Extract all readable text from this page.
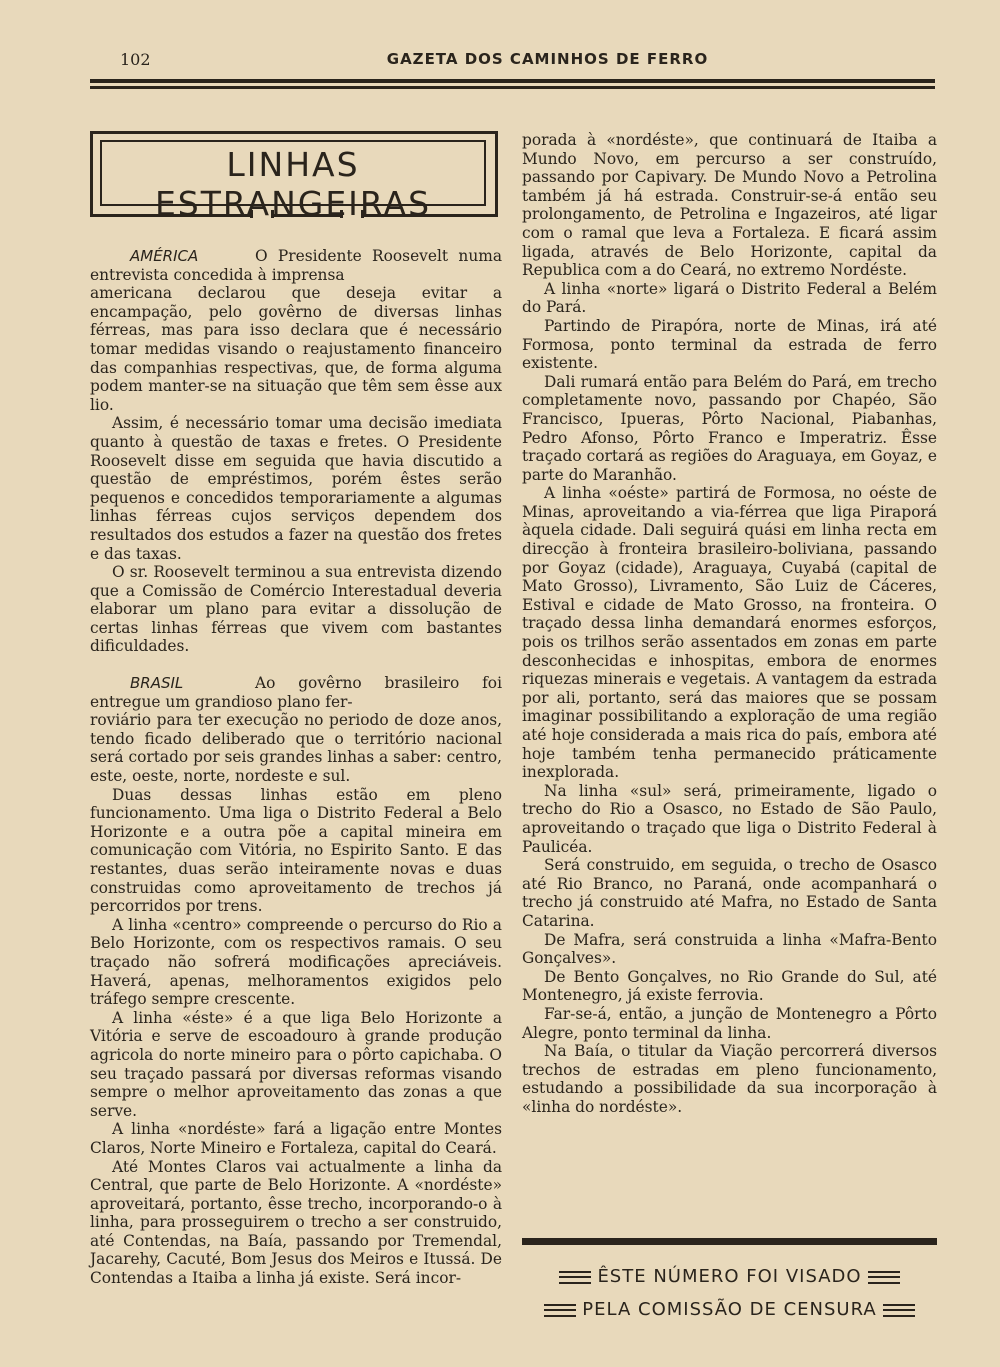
102	GAZETA DOS CAMINHOS DE FERRO
LINHAS ESTRANGEIRAS

AMÉRICA	O Presidente Roosevelt numa entrevista concedida à imprensa

americana declarou que deseja evitar a encampação, pelo govêrno de diversas linhas férreas, mas para isso declara que é necessário tomar medidas visando o reajustamento financeiro das companhias respectivas, que, de forma alguma podem manter-se na situação que têm sem êsse aux lio.

Assim, é necessário tomar uma decisão imediata quanto à questão de taxas e fretes. O Presidente Roosevelt disse em seguida que havia discutido a questão de empréstimos, porém êstes serão pequenos e concedidos temporariamente a algumas linhas férreas cujos serviços dependem dos resultados dos estudos a fazer na questão dos fretes e das taxas.

O sr. Roosevelt terminou a sua entrevista dizendo que a Comissão de Comércio Interestadual deveria elaborar um plano para evitar a dissolução de certas linhas férreas que vivem com bastantes dificuldades.

BRASIL	Ao govêrno brasileiro foi entregue um grandioso plano fer-

roviário para ter execução no periodo de doze anos, tendo ficado deliberado que o território nacional será cortado por seis grandes linhas a saber: centro, este, oeste, norte, nordeste e sul.

Duas dessas linhas estão em pleno funcionamento. Uma liga o Distrito Federal a Belo Horizonte e a outra põe a capital mineira em comunicação com Vitória, no Espirito Santo. E das restantes, duas serão inteiramente novas e duas construidas como aproveitamento de trechos já percorridos por trens.

A linha «centro» compreende o percurso do Rio a Belo Horizonte, com os respectivos ramais. O seu traçado não sofrerá modificações apreciáveis. Haverá, apenas, melhoramentos exigidos pelo tráfego sempre crescente.

A linha «éste» é a que liga Belo Horizonte a Vitória e serve de escoadouro à grande produção agricola do norte mineiro para o pôrto capichaba. O seu traçado passará por diversas reformas visando sempre o melhor aproveitamento das zonas a que serve.

A linha «nordéste» fará a ligação entre Montes Claros, Norte Mineiro e Fortaleza, capital do Ceará.

Até Montes Claros vai actualmente a linha da Central, que parte de Belo Horizonte. A «nordéste» aproveitará, portanto, êsse trecho, incorporando-o à linha, para prosseguirem o trecho a ser construido, até Contendas, na Baía, passando por Tremendal, Jacarehy, Cacuté, Bom Jesus dos Meiros e Itussá. De Contendas a Itaiba a linha já existe. Será incor-

porada à «nordéste», que continuará de Itaiba a Mundo Novo, em percurso a ser construído, passando por Capivary. De Mundo Novo a Petrolina também já há estrada. Construir-se-á então seu prolongamento, de Petrolina e Ingazeiros, até ligar com o ramal que leva a Fortaleza. E ficará assim ligada, através de Belo Horizonte, capital da Republica com a do Ceará, no extremo Nordéste.

A linha «norte» ligará o Distrito Federal a Belém do Pará.

Partindo de Pirapóra, norte de Minas, irá até Formosa, ponto terminal da estrada de ferro existente.

Dali rumará então para Belém do Pará, em trecho completamente novo, passando por Chapéo, São Francisco, Ipueras, Pôrto Nacional, Piabanhas, Pedro Afonso, Pôrto Franco e Imperatriz. Êsse traçado cortará as regiões do Araguaya, em Goyaz, e parte do Maranhão.

A linha «oéste» partirá de Formosa, no oéste de Minas, aproveitando a via-férrea que liga Piraporá àquela cidade. Dali seguirá quási em linha recta em direcção à fronteira brasileiro-boliviana, passando por Goyaz (cidade), Araguaya, Cuyabá (capital de Mato Grosso), Livramento, São Luiz de Cáceres, Estival e cidade de Mato Grosso, na fronteira. O traçado dessa linha demandará enormes esforços, pois os trilhos serão assentados em zonas em parte desconhecidas e inhospitas, embora de enormes riquezas minerais e vegetais. A vantagem da estrada por ali, portanto, será das maiores que se possam imaginar possibilitando a exploração de uma região até hoje considerada a mais rica do país, embora até hoje também tenha permanecido práticamente inexplorada.

Na linha «sul» será, primeiramente, ligado o trecho do Rio a Osasco, no Estado de São Paulo, aproveitando o traçado que liga o Distrito Federal à Paulicéa.

Será construido, em seguida, o trecho de Osasco até Rio Branco, no Paraná, onde acompanhará o trecho já construido até Mafra, no Estado de Santa Catarina.

De Mafra, será construida a linha «Mafra-Bento Gonçalves».

De Bento Gonçalves, no Rio Grande do Sul, até Montenegro, já existe ferrovia.

Far-se-á, então, a junção de Montenegro a Pôrto Alegre, ponto terminal da linha.

Na Baía, o titular da Viação percorrerá diversos trechos de estradas em pleno funcionamento, estudando a possibilidade da sua incorporação à «linha do nordéste».

ÊSTE NÚMERO FOI VISADO
PELA COMISSÃO DE CENSURA
